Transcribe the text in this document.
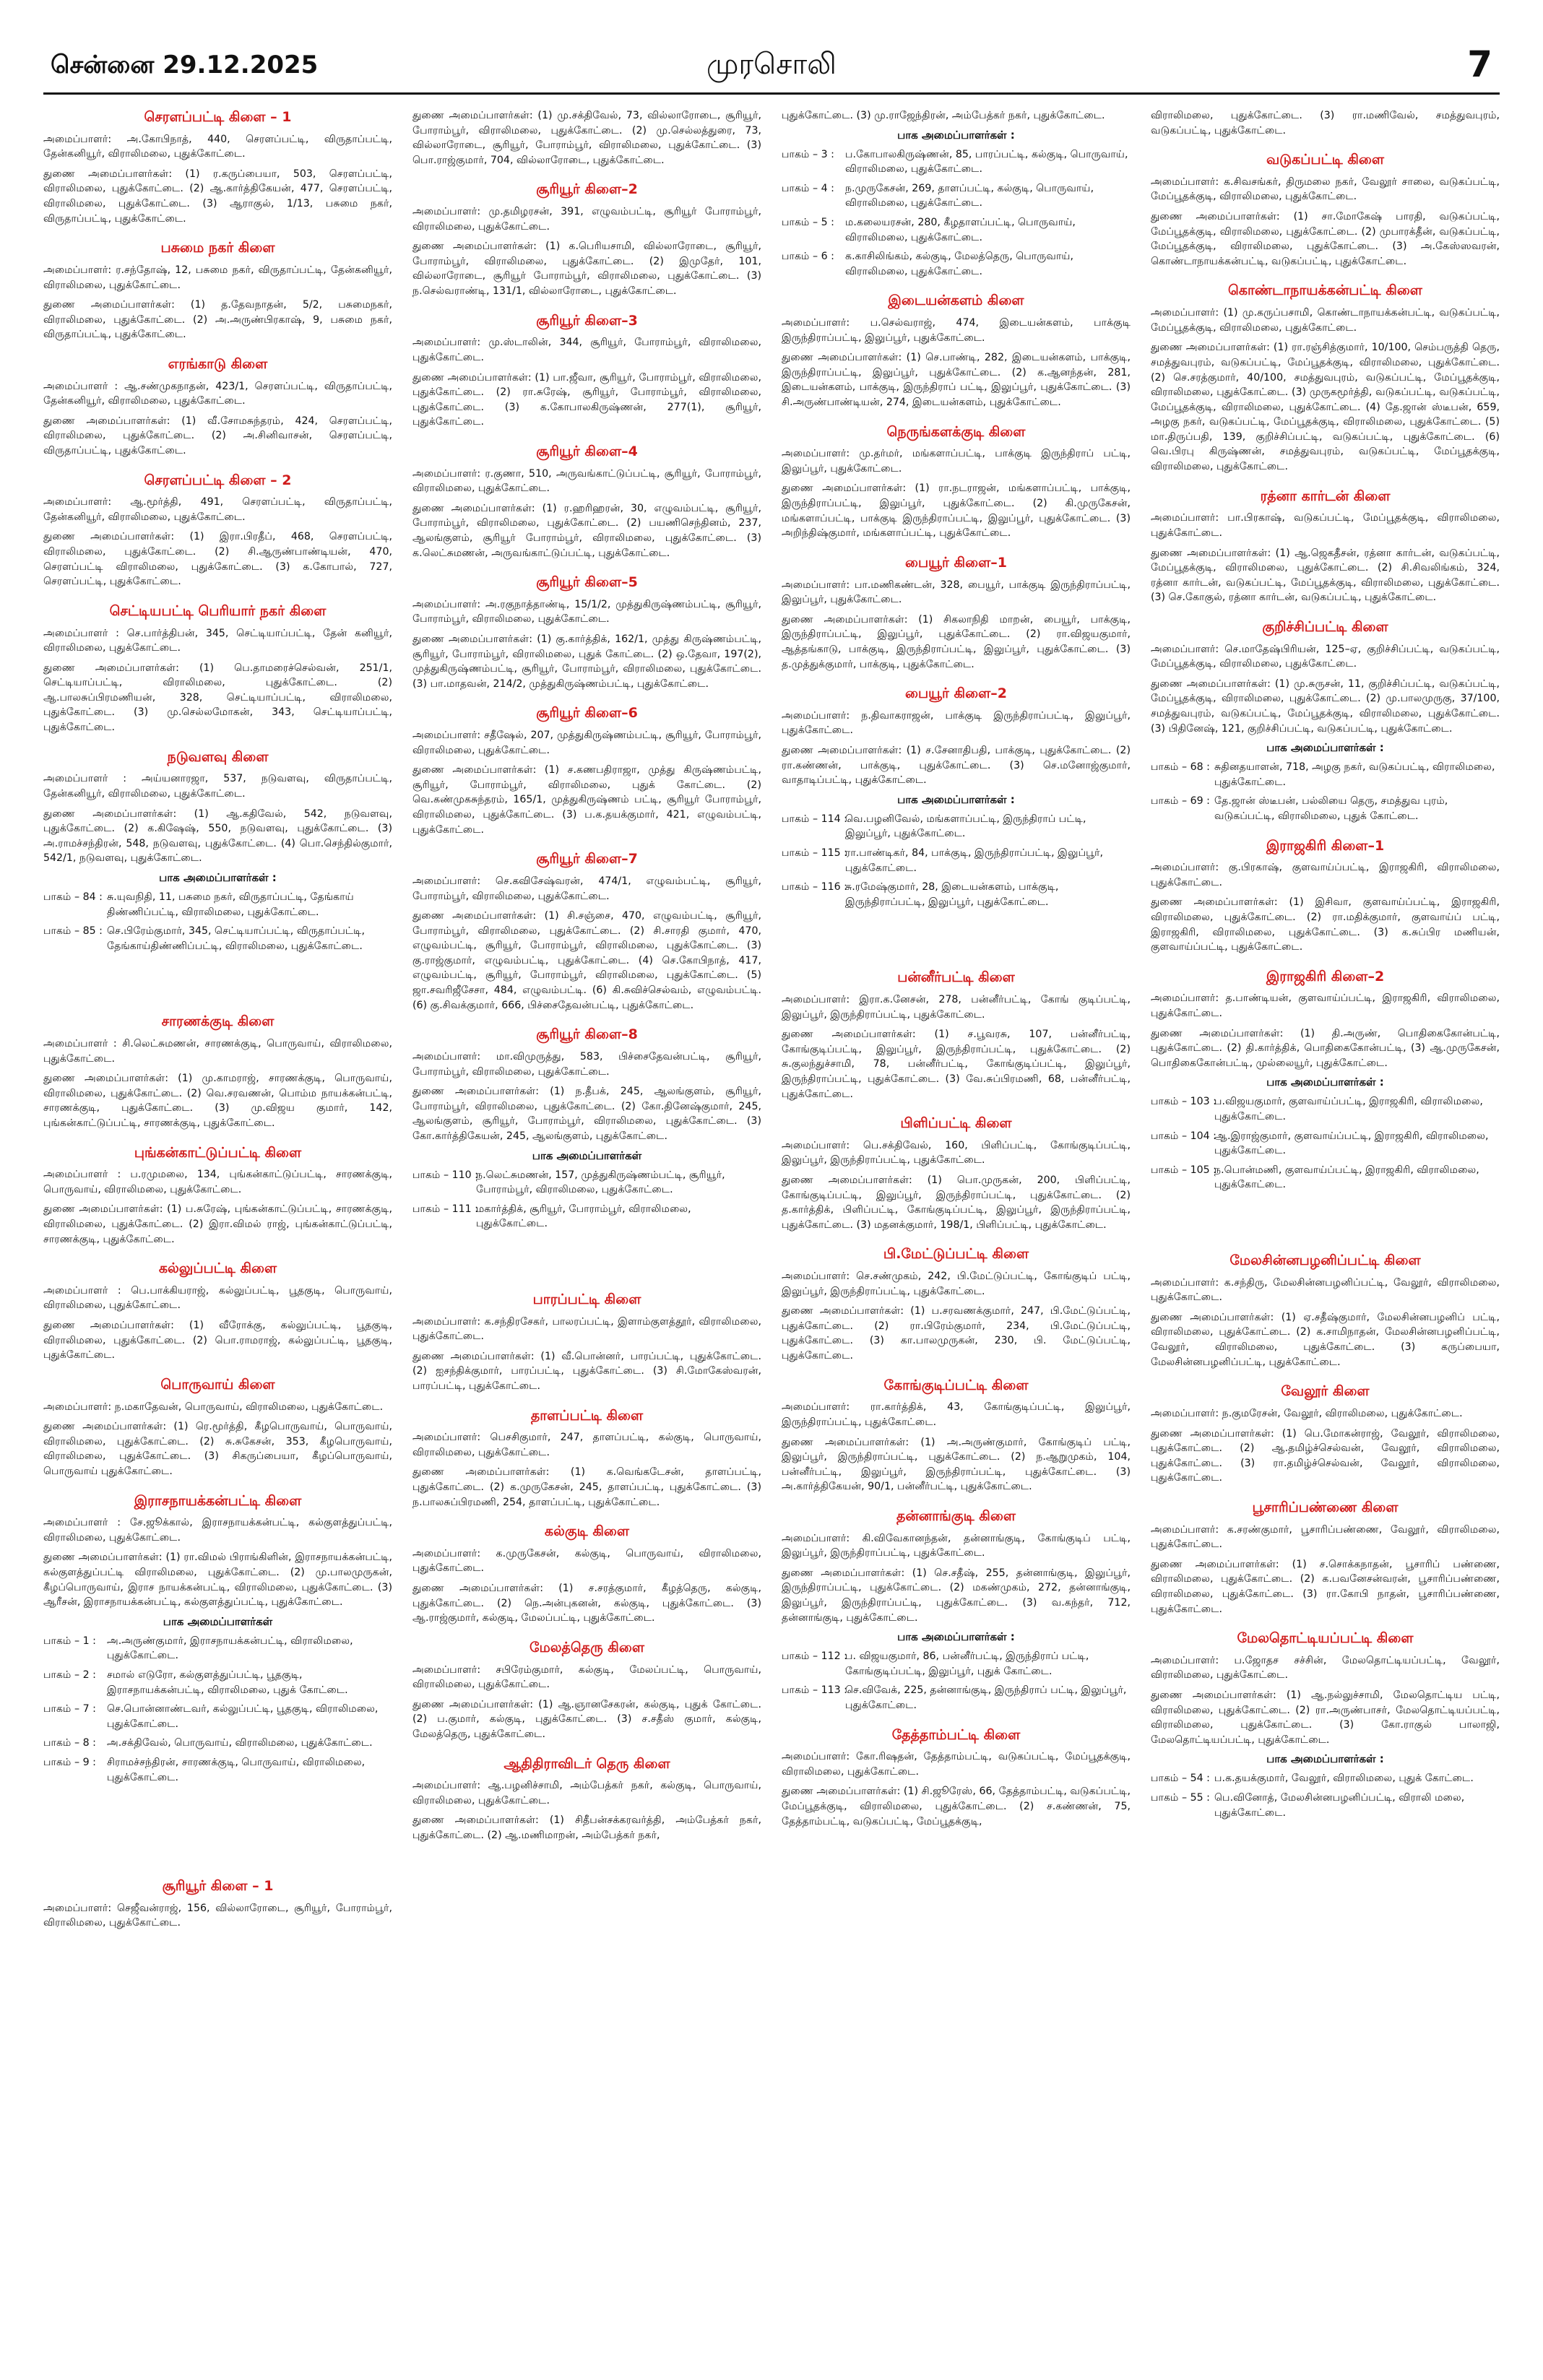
சென்னை 29.12.2025	முரசொலி	7
செரளப்பட்டி கிளை – 1

அமைப்பாளர்: அ.கோபிநாத், 440, செரளப்பட்டி, விருதாப்பட்டி, தேன்கனியூர், விராலிமலை, புதுக்கோட்டை.

துணை அமைப்பாளர்கள்: (1) ர.கருப்பையா, 503, செரளப்பட்டி, விராலிமலை, புதுக்கோட்டை. (2) ஆ.கார்த்திகேயன், 477, செரளப்பட்டி, விராலிமலை, புதுக்கோட்டை. (3) ஆராகுல், 1/13, பசுமை நகர், விருதாப்பட்டி, புதுக்கோட்டை.

பசுமை நகர் கிளை

அமைப்பாளர்: ர.சந்தோஷ், 12, பசுமை நகர், விருதாப்பட்டி, தேன்கனியூர், விராலிமலை, புதுக்கோட்டை.

துணை அமைப்பாளர்கள்: (1) த.தேவநாதன், 5/2, பசுமைநகர், விராலிமலை, புதுக்கோட்டை. (2) அ.அருண்பிரகாஷ், 9, பசுமை நகர், விருதாப்பட்டி, புதுக்கோட்டை.

எரங்காடு கிளை

அமைப்பாளர் : ஆ.சண்முகநாதன், 423/1, செரளப்பட்டி, விருதாப்பட்டி, தேன்கனியூர், விராலிமலை, புதுக்கோட்டை.

துணை அமைப்பாளர்கள்: (1) வீ.சோமசுந்தரம், 424, செரளப்பட்டி, விராலிமலை, புதுக்கோட்டை. (2) அ.சினிவாசன், செரளப்பட்டி, விருதாப்பட்டி, புதுக்கோட்டை.

செரளப்பட்டி கிளை – 2

அமைப்பாளர்: ஆ.மூர்த்தி, 491, செரளப்பட்டி, விருதாப்பட்டி, தேன்கனியூர், விராலிமலை, புதுக்கோட்டை.

துணை அமைப்பாளர்கள்: (1) இரா.பிரதீப், 468, செரளப்பட்டி, விராலிமலை, புதுக்கோட்டை. (2) சி.ஆருண்பாண்டியன், 470, செரளப்பட்டி விராலிமலை, புதுக்கோட்டை. (3) க.கோபால், 727, செரளப்பட்டி, புதுக்கோட்டை.

செட்டியபட்டி பெரியார் நகர் கிளை

அமைப்பாளர் : செ.பார்த்திபன், 345, செட்டியாப்பட்டி, தேன் கனியூர், விராலிமலை, புதுக்கோட்டை.

துணை அமைப்பாளர்கள்: (1) பெ.தாமரைச்செல்வன், 251/1, செட்டியாப்பட்டி, விராலிமலை, புதுக்கோட்டை. (2) ஆ.பாலசுப்பிரமணியன், 328, செட்டியாப்பட்டி, விராலிமலை, புதுக்கோட்டை. (3) மு.செல்லமோகன், 343, செட்டியாப்பட்டி, புதுக்கோட்டை.

நடுவளவு கிளை

அமைப்பாளர் : அய்யனாரஜா, 537, நடுவளவு, விருதாப்பட்டி, தேன்கனியூர், விராலிமலை, புதுக்கோட்டை.

துணை அமைப்பாளர்கள்: (1) ஆ.கதிவேல், 542, நடுவளவு, புதுக்கோட்டை. (2) க.கிஷேஷ், 550, நடுவளவு, புதுக்கோட்டை. (3) அ.ராமச்சந்திரன், 548, நடுவளவு, புதுக்கோட்டை. (4) பொ.செந்தில்குமார், 542/1, நடுவளவு, புதுக்கோட்டை.

பாக அமைப்பாளர்கள் :
பாகம் – 84 : சு.யுவநிதி, 11, பசுமை நகர், விருதாப்பட்டி, தேங்காய் திண்ணிப்பட்டி, விராலிமலை, புதுக்கோட்டை.
பாகம் – 85 : செ.பிரேம்குமார், 345, செட்டியாப்பட்டி, விருதாப்பட்டி, தேங்காய்திண்ணிப்பட்டி, விராலிமலை, புதுக்கோட்டை.
சாரணக்குடி கிளை

அமைப்பாளர் : சி.லெட்சுமணன், சாரணக்குடி, பொருவாய், விராலிமலை, புதுக்கோட்டை.

துணை அமைப்பாளர்கள்: (1) மு.காமராஜ், சாரணக்குடி, பொருவாய், விராலிமலை, புதுக்கோட்டை. (2) வெ.சரவணன், பொம்ம நாயக்கன்பட்டி, சாரணக்குடி, புதுக்கோட்டை. (3) மு.விஜய குமார், 142, புங்கன்காட்டுப்பட்டி, சாரணக்குடி, புதுக்கோட்டை.

புங்கன்காட்டுப்பட்டி கிளை

அமைப்பாளர் : ப.ரமுமலை, 134, புங்கன்காட்டுப்பட்டி, சாரணக்குடி, பொருவாய், விராலிமலை, புதுக்கோட்டை.

துணை அமைப்பாளர்கள்: (1) ப.சுரேஷ், புங்கன்காட்டுப்பட்டி, சாரணக்குடி, விராலிமலை, புதுக்கோட்டை. (2) இரா.விமல் ராஜ், புங்கன்காட்டுப்பட்டி, சாரணக்குடி, புதுக்கோட்டை.

கல்லுப்பட்டி கிளை

அமைப்பாளர் : பெ.பாக்கியராஜ், கல்லுப்பட்டி, பூதகுடி, பொருவாய், விராலிமலை, புதுக்கோட்டை.

துணை அமைப்பாளர்கள்: (1) வீரோக்கு, கல்லுப்பட்டி, பூதகுடி, விராலிமலை, புதுக்கோட்டை. (2) பொ.ராமராஜ், கல்லுப்பட்டி, பூதகுடி, புதுக்கோட்டை.

பொருவாய் கிளை

அமைப்பாளர்: ந.மகாதேவன், பொருவாய், விராலிமலை, புதுக்கோட்டை.

துணை அமைப்பாளர்கள்: (1) ரெ.மூர்த்தி, கீழபொருவாய், பொருவாய், விராலிமலை, புதுக்கோட்டை. (2) சு.சுகேசன், 353, கீழபொருவாய், விராலிமலை, புதுக்கோட்டை. (3) சிகருப்பையா, கீழப்பொருவாய், பொருவாய் புதுக்கோட்டை.

இராசநாயக்கன்பட்டி கிளை

அமைப்பாளர் : சே.ஜூக்கால், இராசநாயக்கன்பட்டி, கல்குளத்துப்பட்டி, விராலிமலை, புதுக்கோட்டை.

துணை அமைப்பாளர்கள்: (1) ரா.விமல் பிராங்கிளின், இராசநாயக்கன்பட்டி, கல்குளத்துப்பட்டி விராலிமலை, புதுக்கோட்டை. (2) மு.பாலமுருகன், கீழப்பொருவாய், இராச நாயக்கன்பட்டி, விராலிமலை, புதுக்கோட்டை. (3) ஆரீசன், இராசநாயக்கன்பட்டி, கல்குளத்துப்பட்டி, புதுக்கோட்டை.

பாக அமைப்பாளர்கள்
பாகம் – 1 :	அ.அருண்குமார், இராசநாயக்கன்பட்டி, விராலிமலை, புதுக்கோட்டை.
பாகம் – 2 :	சமால் எடுரோ, கல்குளத்துப்பட்டி, பூதகுடி, இராசநாயக்கன்பட்டி, விராலிமலை, புதுக் கோட்டை.
பாகம் – 7 :	செ.பொன்னாண்டவர், கல்லுப்பட்டி, பூதகுடி, விராலிமலை, புதுக்கோட்டை.
பாகம் – 8 :	அ.சக்திவேல், பொருவாய், விராலிமலை, புதுக்கோட்டை.
பாகம் – 9 :	சிராமச்சந்திரன், சாரணக்குடி, பொருவாய், விராலிமலை, புதுக்கோட்டை.
சூரியூர் கிளை – 1

அமைப்பாளர்: செஜீவன்ராஜ், 156, வில்லாரோடை, சூரியூர், போராம்பூர், விராலிமலை, புதுக்கோட்டை.

துணை அமைப்பாளர்கள்: (1) மு.சக்திவேல், 73, வில்லாரோடை, சூரியூர், போராம்பூர், விராலிமலை, புதுக்கோட்டை. (2) மு.செல்லத்துரை, 73, வில்லாரோடை, சூரியூர், போராம்பூர், விராலிமலை, புதுக்கோட்டை. (3) பொ.ராஜ்குமார், 704, வில்லாரோடை, புதுக்கோட்டை.

சூரியூர் கிளை–2

அமைப்பாளர்: மு.தமிழரசன், 391, எழுவம்பட்டி, சூரியூர் போராம்பூர், விராலிமலை, புதுக்கோட்டை.

துணை அமைப்பாளர்கள்: (1) க.பெரியசாமி, வில்லாரோடை, சூரியூர், போராம்பூர், விராலிமலை, புதுக்கோட்டை. (2) இமுதேர், 101, வில்லாரோடை, சூரியூர் போராம்பூர், விராலிமலை, புதுக்கோட்டை. (3) ந.செல்வராண்டி, 131/1, வில்லாரோடை, புதுக்கோட்டை.

சூரியூர் கிளை–3

அமைப்பாளர்: மு.ஸ்டாலின், 344, சூரியூர், போராம்பூர், விராலிமலை, புதுக்கோட்டை.

துணை அமைப்பாளர்கள்: (1) பா.ஜீவா, சூரியூர், போராம்பூர், விராலிமலை, புதுக்கோட்டை. (2) ரா.சுரேஷ், சூரியூர், போராம்பூர், விராலிமலை, புதுக்கோட்டை. (3) க.கோபாலகிருஷ்ணன், 277(1), சூரியூர், புதுக்கோட்டை.

சூரியூர் கிளை–4

அமைப்பாளர்: ர.குணா, 510, அருவங்காட்டுப்பட்டி, சூரியூர், போராம்பூர், விராலிமலை, புதுக்கோட்டை.

துணை அமைப்பாளர்கள்: (1) ர.ஹரிஹரன், 30, எழுவம்பட்டி, சூரியூர், போராம்பூர், விராலிமலை, புதுக்கோட்டை. (2) பயணிசெந்தினம், 237, ஆலங்குளம், சூரியூர் போராம்பூர், விராலிமலை, புதுக்கோட்டை. (3) க.லெட்சுமணன், அருவங்காட்டுப்பட்டி, புதுக்கோட்டை.

சூரியூர் கிளை–5

அமைப்பாளர்: அ.ரகுநாத்தாண்டி, 15/1/2, முத்துகிருஷ்ணம்பட்டி, சூரியூர், போராம்பூர், விராலிமலை, புதுக்கோட்டை.

துணை அமைப்பாளர்கள்: (1) கு.கார்த்திக், 162/1, முத்து கிருஷ்ணம்பட்டி, சூரியூர், போராம்பூர், விராலிமலை, புதுக் கோட்டை. (2) ஒ.தேவா, 197(2), முத்துகிருஷ்ணம்பட்டி, சூரியூர், போராம்பூர், விராலிமலை, புதுக்கோட்டை. (3) பா.மாதவன், 214/2, முத்துகிருஷ்ணம்பட்டி, புதுக்கோட்டை.

சூரியூர் கிளை–6

அமைப்பாளர்: சதீஷேல், 207, முத்துகிருஷ்ணம்பட்டி, சூரியூர், போராம்பூர், விராலிமலை, புதுக்கோட்டை.

துணை அமைப்பாளர்கள்: (1) ச.கணபதிராஜா, முத்து கிருஷ்ணம்பட்டி, சூரியூர், போராம்பூர், விராலிமலை, புதுக் கோட்டை. (2) வெ.கண்முகசுந்தரம், 165/1, முத்துகிருஷ்ணம் பட்டி, சூரியூர் போராம்பூர், விராலிமலை, புதுக்கோட்டை. (3) ப.க.தயக்குமார், 421, எழுவம்பட்டி, புதுக்கோட்டை.

சூரியூர் கிளை–7

அமைப்பாளர்: செ.கவிசேஷ்வரன், 474/1, எழுவம்பட்டி, சூரியூர், போராம்பூர், விராலிமலை, புதுக்கோட்டை.

துணை அமைப்பாளர்கள்: (1) சி.சஞ்சை, 470, எழுவம்பட்டி, சூரியூர், போராம்பூர், விராலிமலை, புதுக்கோட்டை. (2) சி.சாரதி குமார், 470, எழுவம்பட்டி, சூரியூர், போராம்பூர், விராலிமலை, புதுக்கோட்டை. (3) கு.ராஜ்குமார், எழுவம்பட்டி, புதுக்கோட்டை. (4) செ.கோபிநாத், 417, எழுவம்பட்டி, சூரியூர், போராம்பூர், விராலிமலை, புதுக்கோட்டை. (5) ஜா.சவரிஜீசேசா, 484, எழுவம்பட்டி. (6) கி.சுவிச்செல்வம், எழுவம்பட்டி. (6) கு.சிவக்குமார், 666, பிச்சைதேவன்பட்டி, புதுக்கோட்டை.

சூரியூர் கிளை–8

அமைப்பாளர்: மா.விமுருத்து, 583, பிச்சைதேவன்பட்டி, சூரியூர், போராம்பூர், விராலிமலை, புதுக்கோட்டை.

துணை அமைப்பாளர்கள்: (1) ந.தீபக், 245, ஆலங்குளம், சூரியூர், போராம்பூர், விராலிமலை, புதுக்கோட்டை. (2) கோ.தினேஷ்குமார், 245, ஆலங்குளம், சூரியூர், போராம்பூர், விராலிமலை, புதுக்கோட்டை. (3) கோ.கார்த்திகேயன், 245, ஆலங்குளம், புதுக்கோட்டை.

பாக அமைப்பாளர்கள்
பாகம் – 110 :
ந.லெட்சுமணன், 157, முத்துகிருஷ்ணம்பட்டி, சூரியூர், போராம்பூர், விராலிமலை, புதுக்கோட்டை.
பாகம் – 111 :
மகார்த்திக், சூரியூர், போராம்பூர், விராலிமலை, புதுக்கோட்டை.
பாரப்பட்டி கிளை

அமைப்பாளர்: க.சந்திரசேகர், பாலரப்பட்டி, இளாம்குளத்தூர், விராலிமலை, புதுக்கோட்டை.

துணை அமைப்பாளர்கள்: (1) வீ.பொன்னர், பாரப்பட்டி, புதுக்கோட்டை. (2) ஐசந்திக்குமார், பாரப்பட்டி, புதுக்கோட்டை. (3) சி.மோகேஸ்வரன், பாரப்பட்டி, புதுக்கோட்டை.

தாளப்பட்டி கிளை

அமைப்பாளர்: பெசசிகுமார், 247, தாளப்பட்டி, கல்குடி, பொருவாய், விராலிமலை, புதுக்கோட்டை.

துணை அமைப்பாளர்கள்: (1) க.வெங்கடேசன், தாளப்பட்டி, புதுக்கோட்டை. (2) க.முருகேசன், 245, தாளப்பட்டி, புதுக்கோட்டை. (3) ந.பாலசுப்பிரமணி, 254, தாளப்பட்டி, புதுக்கோட்டை.

கல்குடி கிளை

அமைப்பாளர்: க.முருகேசன், கல்குடி, பொருவாய், விராலிமலை, புதுக்கோட்டை.

துணை அமைப்பாளர்கள்: (1) ச.சரத்குமார், கீழத்தெரு, கல்குடி, புதுக்கோட்டை. (2) நெ.அன்புகனன், கல்குடி, புதுக்கோட்டை. (3) ஆ.ராஜ்குமார், கல்குடி, மேலப்பட்டி, புதுக்கோட்டை.

மேலத்தெரு கிளை

அமைப்பாளர்: சபிரேம்குமார், கல்குடி, மேலப்பட்டி, பொருவாய், விராலிமலை, புதுக்கோட்டை.

துணை அமைப்பாளர்கள்: (1) ஆ.ஞானசேகரன், கல்குடி, புதுக் கோட்டை. (2) ப.குமார், கல்குடி, புதுக்கோட்டை. (3) ச.சதீஸ் குமார், கல்குடி, மேலத்தெரு, புதுக்கோட்டை.

ஆதிதிராவிடர் தெரு கிளை

அமைப்பாளர்: ஆ.பழனிச்சாமி, அம்பேத்கர் நகர், கல்குடி, பொருவாய், விராலிமலை, புதுக்கோட்டை.

துணை அமைப்பாளர்கள்: (1) சிதீபன்சக்கரவர்த்தி, அம்பேத்கர் நகர், புதுக்கோட்டை. (2) ஆ.மணிமாறன், அம்பேத்கர் நகர்,

புதுக்கோட்டை. (3) மு.ராஜேந்திரன், அம்பேத்கர் நகர், புதுக்கோட்டை.

பாக அமைப்பாளர்கள் :
பாகம் – 3 :	ப.கோபாலகிருஷ்ணன், 85, பாரப்பட்டி, கல்குடி, பொருவாய், விராலிமலை, புதுக்கோட்டை.
பாகம் – 4 :	ந.முருகேசன், 269, தாளப்பட்டி, கல்குடி, பொருவாய், விராலிமலை, புதுக்கோட்டை.
பாகம் – 5 :	ம.கலையரசன், 280, கீழதாளப்பட்டி, பொருவாய், விராலிமலை, புதுக்கோட்டை.
பாகம் – 6 :	க.காசிலிங்கம், கல்குடி, மேலத்தெரு, பொருவாய், விராலிமலை, புதுக்கோட்டை.
இடையன்களம் கிளை

அமைப்பாளர்: ப.செல்வராஜ், 474, இடையன்களம், பாக்குடி இருந்திராப்பட்டி, இலுப்பூர், புதுக்கோட்டை.

துணை அமைப்பாளர்கள்: (1) செ.பாண்டி, 282, இடையன்களம், பாக்குடி, இருந்திராப்பட்டி, இலுப்பூர், புதுக்கோட்டை. (2) க.ஆனந்தன், 281, இடையன்களம், பாக்குடி, இருந்திராப் பட்டி, இலுப்பூர், புதுக்கோட்டை. (3) சி.அருண்பாண்டியன், 274, இடையன்களம், புதுக்கோட்டை.

நெருங்களக்குடி கிளை

அமைப்பாளர்: மு.தர்மர், மங்களாப்பட்டி, பாக்குடி இருந்திராப் பட்டி, இலுப்பூர், புதுக்கோட்டை.

துணை அமைப்பாளர்கள்: (1) ரா.நடராஜன், மங்களாப்பட்டி, பாக்குடி, இருந்திராப்பட்டி, இலுப்பூர், புதுக்கோட்டை. (2) கி.முருகேசன், மங்களாப்பட்டி, பாக்குடி இருந்திராப்பட்டி, இலுப்பூர், புதுக்கோட்டை. (3) அறிந்திஷ்குமார், மங்களாப்பட்டி, புதுக்கோட்டை.

பையூர் கிளை–1

அமைப்பாளர்: பா.மணிகண்டன், 328, பையூர், பாக்குடி இருந்திராப்பட்டி, இலுப்பூர், புதுக்கோட்டை.

துணை அமைப்பாளர்கள்: (1) சிகலாநிதி மாறன், பையூர், பாக்குடி, இருந்திராப்பட்டி, இலுப்பூர், புதுக்கோட்டை. (2) ரா.விஜயகுமார், ஆத்தங்காடு, பாக்குடி, இருந்திராப்பட்டி, இலுப்பூர், புதுக்கோட்டை. (3) த.முத்துக்குமார், பாக்குடி, புதுக்கோட்டை.

பையூர் கிளை–2

அமைப்பாளர்: ந.திவாகராஜன், பாக்குடி இருந்திராப்பட்டி, இலுப்பூர், புதுக்கோட்டை.

துணை அமைப்பாளர்கள்: (1) ச.சேனாதிபதி, பாக்குடி, புதுக்கோட்டை. (2) ரா.கண்ணன், பாக்குடி, புதுக்கோட்டை. (3) செ.மனோஜ்குமார், வாதாடிப்பட்டி, புதுக்கோட்டை.

பாக அமைப்பாளர்கள் :
பாகம் – 114 :
வெ.பழனிவேல், மங்களாப்பட்டி, இருந்திராப் பட்டி, இலுப்பூர், புதுக்கோட்டை.
பாகம் – 115 :
ரா.பாண்டிகர், 84, பாக்குடி, இருந்திராப்பட்டி, இலுப்பூர், புதுக்கோட்டை.
பாகம் – 116 :
சு.ரமேஷ்குமார், 28, இடையன்களம், பாக்குடி, இருந்திராப்பட்டி, இலுப்பூர், புதுக்கோட்டை.
பன்னீர்பட்டி கிளை

அமைப்பாளர்: இரா.க.னேசன், 278, பன்னீர்பட்டி, கோங் குடிப்பட்டி, இலுப்பூர், இருந்திராப்பட்டி, புதுக்கோட்டை.

துணை அமைப்பாளர்கள்: (1) ச.பூவரசு, 107, பன்னீர்பட்டி, கோங்குடிப்பட்டி, இலுப்பூர், இருந்திராப்பட்டி, புதுக்கோட்டை. (2) சு.குலந்துச்சாமி, 78, பன்னீர்பட்டி, கோங்குடிப்பட்டி, இலுப்பூர், இருந்திராப்பட்டி, புதுக்கோட்டை. (3) வே.சுப்பிரமணி, 68, பன்னீர்பட்டி, புதுக்கோட்டை.

பிளிப்பட்டி கிளை

அமைப்பாளர்: பெ.சக்திவேல், 160, பிளிப்பட்டி, கோங்குடிப்பட்டி, இலுப்பூர், இருந்திராப்பட்டி, புதுக்கோட்டை.

துணை அமைப்பாளர்கள்: (1) பொ.முருகன், 200, பிளிப்பட்டி, கோங்குடிப்பட்டி, இலுப்பூர், இருந்திராப்பட்டி, புதுக்கோட்டை. (2) த.கார்த்திக், பிளிப்பட்டி, கோங்குடிப்பட்டி, இலுப்பூர், இருந்திராப்பட்டி, புதுக்கோட்டை. (3) மதனக்குமார், 198/1, பிளிப்பட்டி, புதுக்கோட்டை.

பி.மேட்டுப்பட்டி கிளை

அமைப்பாளர்: செ.சண்முகம், 242, பி.மேட்டுப்பட்டி, கோங்குடிப் பட்டி, இலுப்பூர், இருந்திராப்பட்டி, புதுக்கோட்டை.

துணை அமைப்பாளர்கள்: (1) ப.சரவணக்குமார், 247, பி.மேட்டுப்பட்டி, புதுக்கோட்டை. (2) ரா.பிரேம்குமார், 234, பி.மேட்டுப்பட்டி, புதுக்கோட்டை. (3) கா.பாலமுருகன், 230, பி. மேட்டுப்பட்டி, புதுக்கோட்டை.

கோங்குடிப்பட்டி கிளை

அமைப்பாளர்: ரா.கார்த்திக், 43, கோங்குடிப்பட்டி, இலுப்பூர், இருந்திராப்பட்டி, புதுக்கோட்டை.

துணை அமைப்பாளர்கள்: (1) அ.அருண்குமார், கோங்குடிப் பட்டி, இலுப்பூர், இருந்திராப்பட்டி, புதுக்கோட்டை. (2) ந.ஆறுமுகம், 104, பன்னீர்பட்டி, இலுப்பூர், இருந்திராப்பட்டி, புதுக்கோட்டை. (3) அ.கார்த்திகேயன், 90/1, பன்னீர்பட்டி, புதுக்கோட்டை.

தன்னாங்குடி கிளை

அமைப்பாளர்: கி.விவேகானந்தன், தன்னாங்குடி, கோங்குடிப் பட்டி, இலுப்பூர், இருந்திராப்பட்டி, புதுக்கோட்டை.

துணை அமைப்பாளர்கள்: (1) செ.சதீஷ், 255, தன்னாங்குடி, இலுப்பூர், இருந்திராப்பட்டி, புதுக்கோட்டை. (2) மகண்முகம், 272, தன்னாங்குடி, இலுப்பூர், இருந்திராப்பட்டி, புதுக்கோட்டை. (3) வ.கந்தர், 712, தன்னாங்குடி, புதுக்கோட்டை.

பாக அமைப்பாளர்கள் :
பாகம் – 112 :
ப. விஜயகுமார், 86, பன்னீர்பட்டி, இருந்திராப் பட்டி, கோங்குடிப்பட்டி, இலுப்பூர், புதுக் கோட்டை.
பாகம் – 113 :
செ.விவேக், 225, தன்னாங்குடி, இருந்திராப் பட்டி, இலுப்பூர், புதுக்கோட்டை.
தேத்தாம்பட்டி கிளை

அமைப்பாளர்: கோ.ரிஷதன், தேத்தாம்பட்டி, வடுகப்பட்டி, மேப்பூதக்குடி, விராலிமலை, புதுக்கோட்டை.

துணை அமைப்பாளர்கள்: (1) சி.ஜூரேஸ், 66, தேத்தாம்பட்டி, வடுகப்பட்டி, மேப்பூதக்குடி, விராலிமலை, புதுக்கோட்டை. (2) ச.கண்ணன், 75, தேத்தாம்பட்டி, வடுகப்பட்டி, மேப்பூதக்குடி,

விராலிமலை, புதுக்கோட்டை. (3) ரா.மணிவேல், சமத்துவபுரம், வடுகப்பட்டி, புதுக்கோட்டை.

வடுகப்பட்டி கிளை

அமைப்பாளர்: க.சிவசங்கர், திருமலை நகர், வேலூர் சாலை, வடுகப்பட்டி, மேப்பூதக்குடி, விராலிமலை, புதுக்கோட்டை.

துணை அமைப்பாளர்கள்: (1) சா.மோகேஷ் பாரதி, வடுகப்பட்டி, மேப்பூதக்குடி, விராலிமலை, புதுக்கோட்டை. (2) முபாரக்தீன், வடுகப்பட்டி, மேப்பூதக்குடி, விராலிமலை, புதுக்கோட்டை. (3) அ.கேஸ்ஸவரன், கொண்டாநாயக்கன்பட்டி, வடுகப்பட்டி, புதுக்கோட்டை.

கொண்டாநாயக்கன்பட்டி கிளை

அமைப்பாளர்: (1) மு.கருப்பசாமி, கொண்டாநாயக்கன்பட்டி, வடுகப்பட்டி, மேப்பூதக்குடி, விராலிமலை, புதுக்கோட்டை.

துணை அமைப்பாளர்கள்: (1) ரா.ரஞ்சித்குமார், 10/100, செம்பருத்தி தெரு, சமத்துவபுரம், வடுகப்பட்டி, மேப்பூதக்குடி, விராலிமலை, புதுக்கோட்டை. (2) செ.சரத்குமார், 40/100, சமத்துவபுரம், வடுகப்பட்டி, மேப்பூதக்குடி, விராலிமலை, புதுக்கோட்டை. (3) முருகமூர்த்தி, வடுகப்பட்டி, வடுகப்பட்டி, மேப்பூதக்குடி, விராலிமலை, புதுக்கோட்டை. (4) தே.ஜான் ஸ்டீபன், 659, அழகு நகர், வடுகப்பட்டி, மேப்பூதக்குடி, விராலிமலை, புதுக்கோட்டை. (5) மா.திருப்பதி, 139, குறிச்சிப்பட்டி, வடுகப்பட்டி, புதுக்கோட்டை. (6) வெ.பிரபு கிருஷ்ணன், சமத்துவபுரம், வடுகப்பட்டி, மேப்பூதக்குடி, விராலிமலை, புதுக்கோட்டை.

ரத்னா கார்டன் கிளை

அமைப்பாளர்: பா.பிரகாஷ், வடுகப்பட்டி, மேப்பூதக்குடி, விராலிமலை, புதுக்கோட்டை.

துணை அமைப்பாளர்கள்: (1) ஆ.ஜெகதீசன், ரத்னா கார்டன், வடுகப்பட்டி, மேப்பூதக்குடி, விராலிமலை, புதுக்கோட்டை. (2) சி.சிவலிங்கம், 324, ரத்னா கார்டன், வடுகப்பட்டி, மேப்பூதக்குடி, விராலிமலை, புதுக்கோட்டை. (3) செ.கோகுல், ரத்னா கார்டன், வடுகப்பட்டி, புதுக்கோட்டை.

குறிச்சிப்பட்டி கிளை

அமைப்பாளர்: செ.மாதேஷ்பிரியன், 125–ஏ, குறிச்சிப்பட்டி, வடுகப்பட்டி, மேப்பூதக்குடி, விராலிமலை, புதுக்கோட்டை.

துணை அமைப்பாளர்கள்: (1) மு.சுருசன், 11, குறிச்சிப்பட்டி, வடுகப்பட்டி, மேப்பூதக்குடி, விராலிமலை, புதுக்கோட்டை. (2) மு.பாலமுருகு, 37/100, சமத்துவபுரம், வடுகப்பட்டி, மேப்பூதக்குடி, விராலிமலை, புதுக்கோட்டை. (3) பிதினேஷ், 121, குறிச்சிப்பட்டி, வடுகப்பட்டி, புதுக்கோட்டை.

பாக அமைப்பாளர்கள் :
பாகம் – 68 : சுதினதயாளன், 718, அழகு நகர், வடுகப்பட்டி, விராலிமலை, புதுக்கோட்டை.
பாகம் – 69 : தே.ஜான் ஸ்டீபன், பல்லியை தெரு, சமத்துவ புரம், வடுகப்பட்டி, விராலிமலை, புதுக் கோட்டை.
இராஜகிரி கிளை–1

அமைப்பாளர்: கு.பிரகாஷ், குளவாய்ப்பட்டி, இராஜகிரி, விராலிமலை, புதுக்கோட்டை.

துணை அமைப்பாளர்கள்: (1) இசிவா, குளவாய்ப்பட்டி, இராஜகிரி, விராலிமலை, புதுக்கோட்டை. (2) ரா.மதிக்குமார், குளவாய்ப் பட்டி, இராஜகிரி, விராலிமலை, புதுக்கோட்டை. (3) க.சுப்பிர மணியன், குளவாய்ப்பட்டி, புதுக்கோட்டை.

இராஜகிரி கிளை–2

அமைப்பாளர்: த.பாண்டியன், குளவாய்ப்பட்டி, இராஜகிரி, விராலிமலை, புதுக்கோட்டை.

துணை அமைப்பாளர்கள்: (1) தி.அருண், பொதிகைகோன்பட்டி, புதுக்கோட்டை. (2) தி.கார்த்திக், பொதிகைகோன்பட்டி, (3) ஆ.முருகேசன், பொதிகைகோன்பட்டி, முல்லையூர், புதுக்கோட்டை.

பாக அமைப்பாளர்கள் :
பாகம் – 103 :
ப.விஜயகுமார், குளவாய்ப்பட்டி, இராஜகிரி, விராலிமலை, புதுக்கோட்டை.
பாகம் – 104 :
ஆ.இராஜ்குமார், குளவாய்ப்பட்டி, இராஜகிரி, விராலிமலை, புதுக்கோட்டை.
பாகம் – 105 :
ந.பொன்மணி, குளவாய்ப்பட்டி, இராஜகிரி, விராலிமலை, புதுக்கோட்டை.
மேலசின்னபழனிப்பட்டி கிளை

அமைப்பாளர்: க.சந்திரு, மேலசின்னபழனிப்பட்டி, வேலூர், விராலிமலை, புதுக்கோட்டை.

துணை அமைப்பாளர்கள்: (1) ஏ.சதீஷ்குமார், மேலசின்னபழனிப் பட்டி, விராலிமலை, புதுக்கோட்டை. (2) க.சாமிநாதன், மேலசின்னபழனிப்பட்டி, வேலூர், விராலிமலை, புதுக்கோட்டை. (3) கருப்பையா, மேலசின்னபழனிப்பட்டி, புதுக்கோட்டை.

வேலூர் கிளை

அமைப்பாளர்: ந.குமரேசன், வேலூர், விராலிமலை, புதுக்கோட்டை.

துணை அமைப்பாளர்கள்: (1) பெ.மோகன்ராஜ், வேலூர், விராலிமலை, புதுக்கோட்டை. (2) ஆ.தமிழ்ச்செல்வன், வேலூர், விராலிமலை, புதுக்கோட்டை. (3) ரா.தமிழ்ச்செல்வன், வேலூர், விராலிமலை, புதுக்கோட்டை.

பூசாரிப்பண்ணை கிளை

அமைப்பாளர்: க.சரண்குமார், பூசாரிப்பண்ணை, வேலூர், விராலிமலை, புதுக்கோட்டை.

துணை அமைப்பாளர்கள்: (1) ச.சொக்கநாதன், பூசாரிப் பண்ணை, விராலிமலை, புதுக்கோட்டை. (2) க.பவனேசன்வரன், பூசாரிப்பண்ணை, விராலிமலை, புதுக்கோட்டை. (3) ரா.கோபி நாதன், பூசாரிப்பண்ணை, புதுக்கோட்டை.

மேலதொட்டியப்பட்டி கிளை

அமைப்பாளர்: ப.ஜோதச சச்சின், மேலதொட்டியப்பட்டி, வேலூர், விராலிமலை, புதுக்கோட்டை.

துணை அமைப்பாளர்கள்: (1) ஆ.நல்லுச்சாமி, மேலதொட்டிய பட்டி, விராலிமலை, புதுக்கோட்டை. (2) ரா.அருண்பாசர், மேலதொட்டியப்பட்டி, விராலிமலை, புதுக்கோட்டை. (3) கோ.ராகுல் பாலாஜி, மேலதொட்டியப்பட்டி, புதுக்கோட்டை.

பாக அமைப்பாளர்கள் :
பாகம் – 54 : ப.க.தயக்குமார், வேலூர், விராலிமலை, புதுக் கோட்டை.
பாகம் – 55 : பெ.வினோத், மேலசின்னபழனிப்பட்டி, விராலி மலை, புதுக்கோட்டை.
